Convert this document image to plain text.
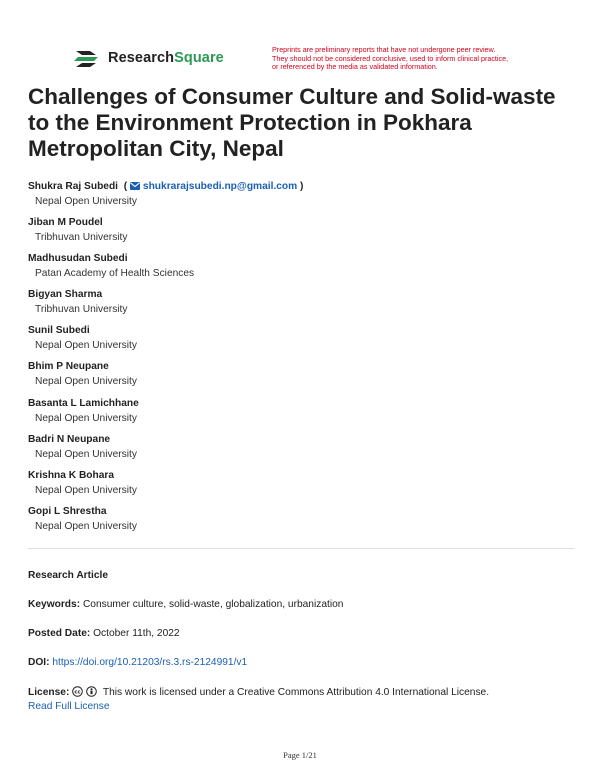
ResearchSquare
Preprints are preliminary reports that have not undergone peer review.
They should not be considered conclusive, used to inform clinical practice,
or referenced by the media as validated information.
Challenges of Consumer Culture and Solid-waste to the Environment Protection in Pokhara Metropolitan City, Nepal
Shukra Raj Subedi  ( shukrarajsubedi.np@gmail.com )
Nepal Open University
Jiban M Poudel
Tribhuvan University
Madhusudan Subedi
Patan Academy of Health Sciences
Bigyan Sharma
Tribhuvan University
Sunil Subedi
Nepal Open University
Bhim P Neupane
Nepal Open University
Basanta L Lamichhane
Nepal Open University
Badri N Neupane
Nepal Open University
Krishna K Bohara
Nepal Open University
Gopi L Shrestha
Nepal Open University
Research Article
Keywords: Consumer culture, solid-waste, globalization, urbanization
Posted Date: October 11th, 2022
DOI: https://doi.org/10.21203/rs.3.rs-2124991/v1
License: cc This work is licensed under a Creative Commons Attribution 4.0 International License.
Read Full License
Page 1/21
